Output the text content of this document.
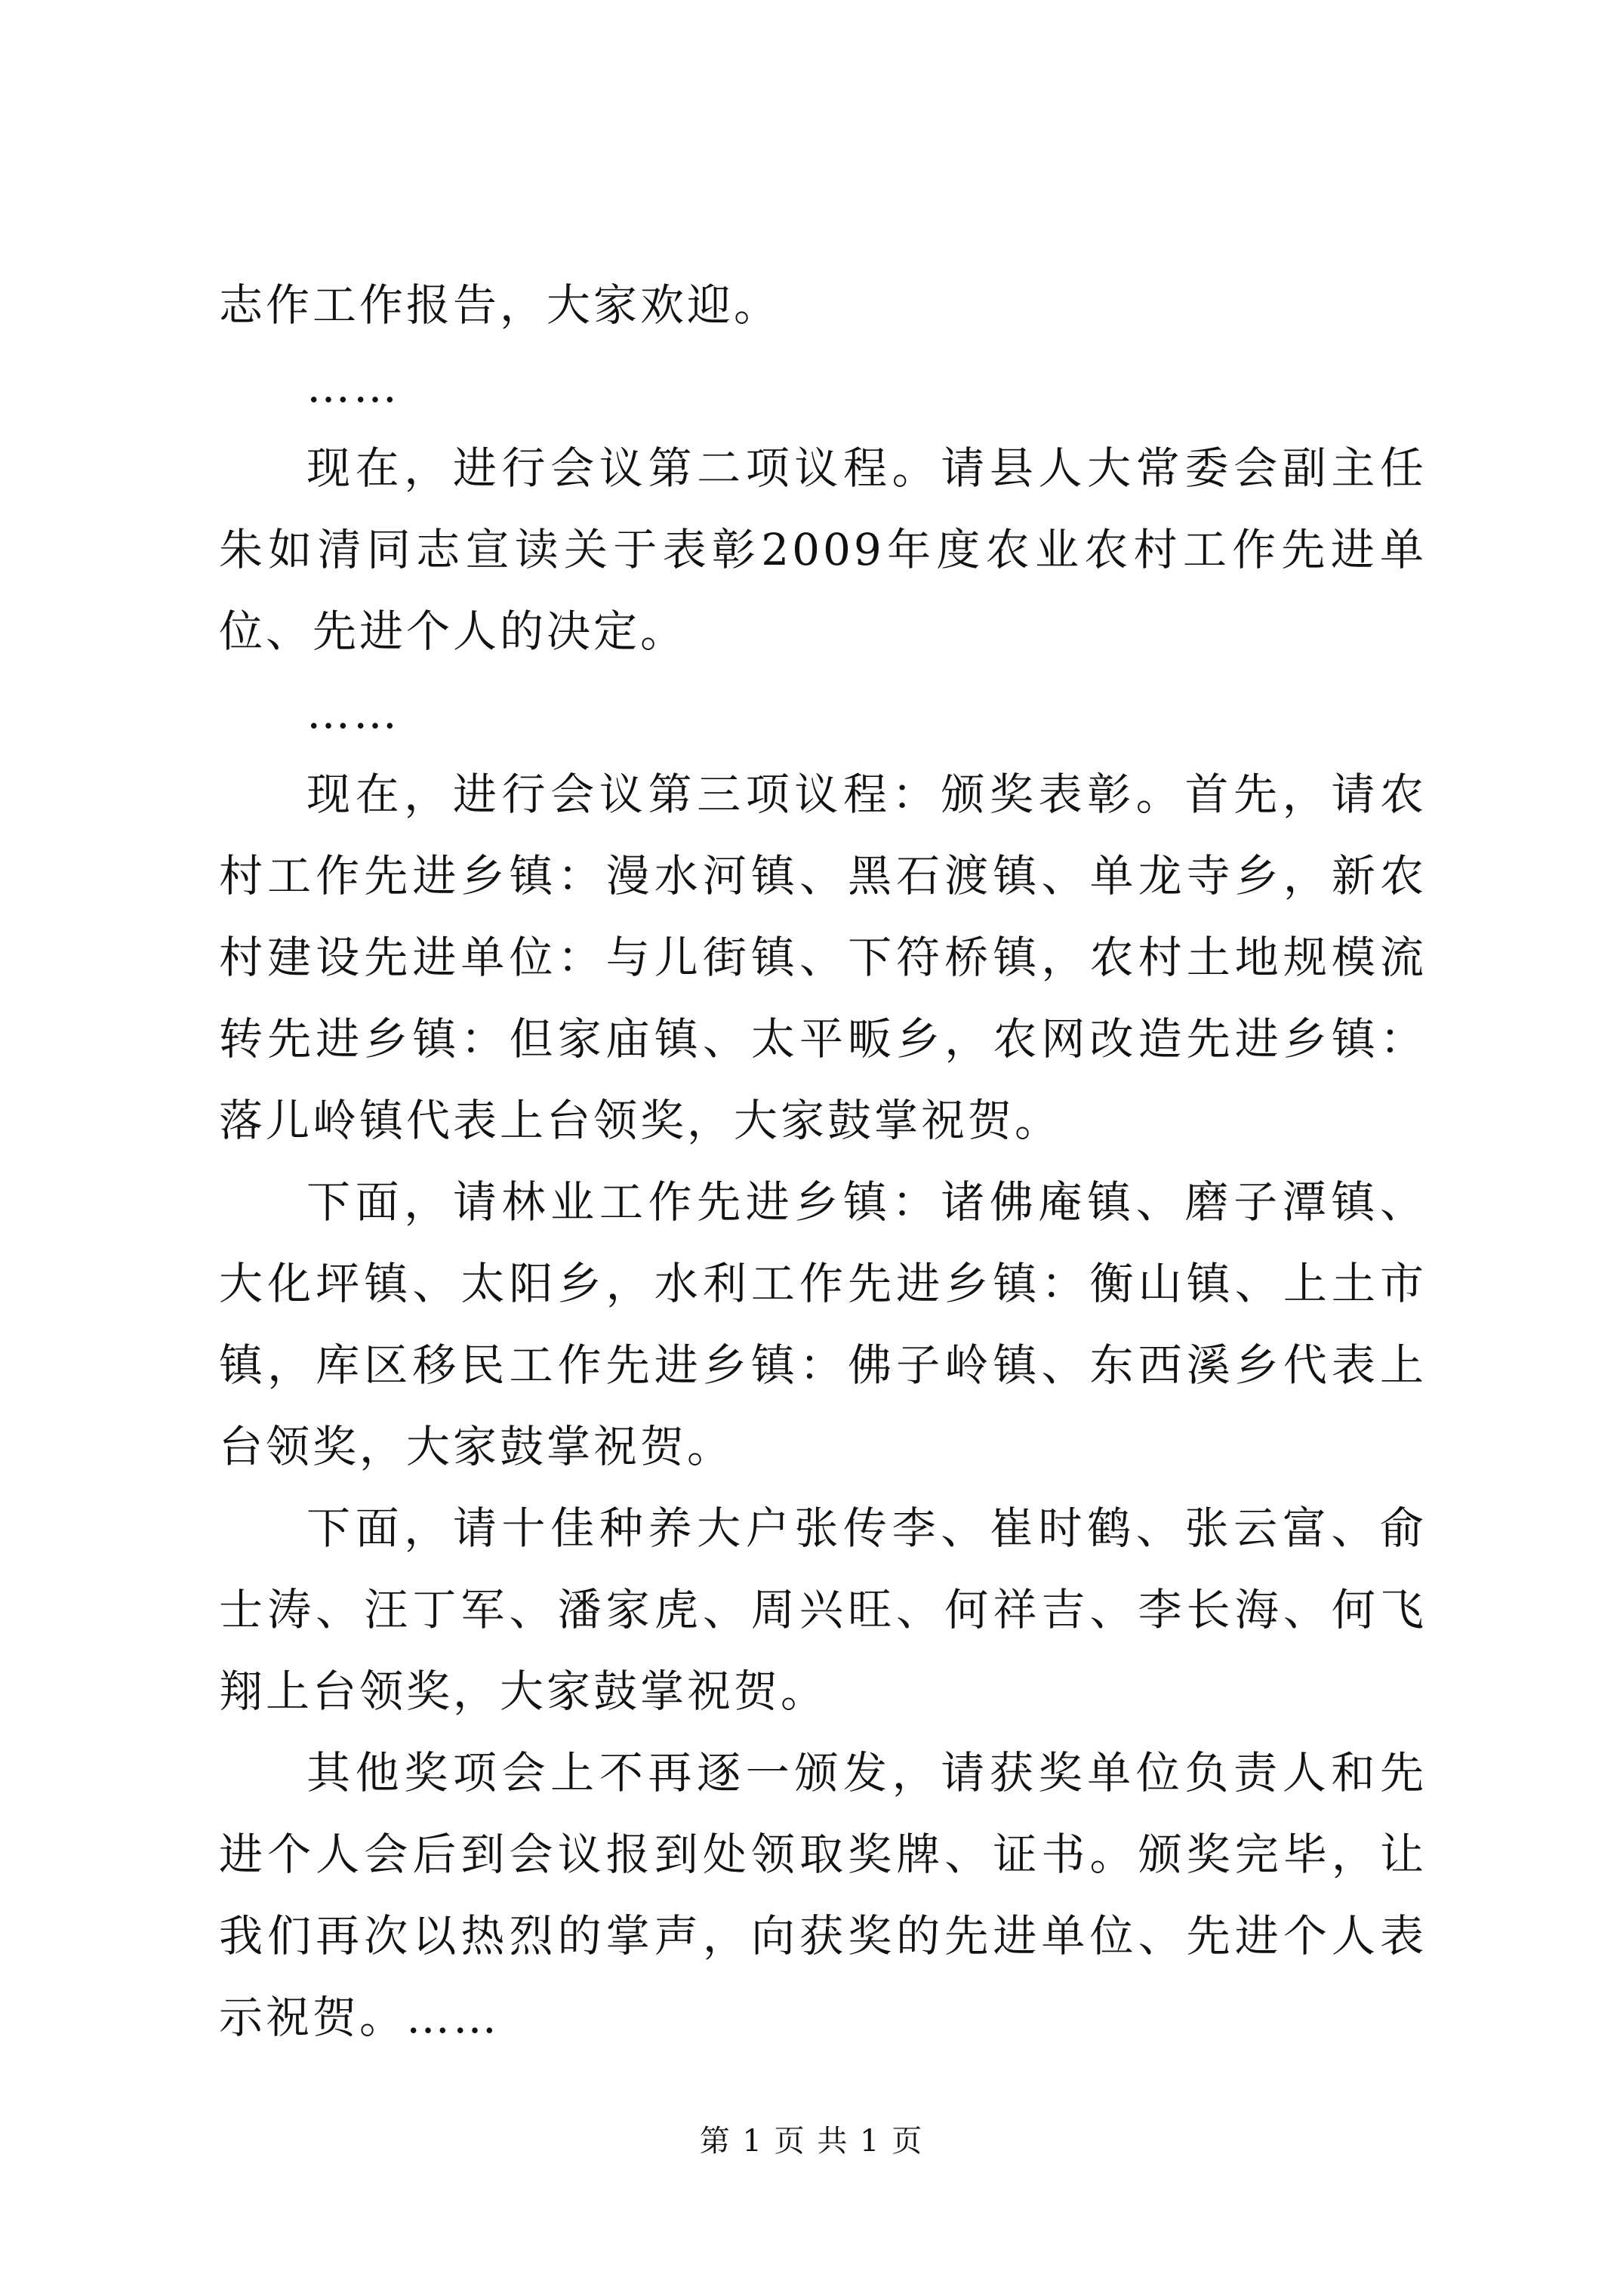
志作工作报告，大家欢迎。

……

现在，进行会议第二项议程。请县人大常委会副主任朱如清同志宣读关于表彰2009年度农业农村工作先进单位、先进个人的决定。

……

现在，进行会议第三项议程：颁奖表彰。首先，请农村工作先进乡镇：漫水河镇、黑石渡镇、单龙寺乡，新农村建设先进单位：与儿街镇、下符桥镇，农村土地规模流转先进乡镇：但家庙镇、太平畈乡，农网改造先进乡镇：落儿岭镇代表上台领奖，大家鼓掌祝贺。

下面，请林业工作先进乡镇：诸佛庵镇、磨子潭镇、大化坪镇、太阳乡，水利工作先进乡镇：衡山镇、上土市镇，库区移民工作先进乡镇：佛子岭镇、东西溪乡代表上台领奖，大家鼓掌祝贺。

下面，请十佳种养大户张传李、崔时鹤、张云富、俞士涛、汪丁军、潘家虎、周兴旺、何祥吉、李长海、何飞翔上台领奖，大家鼓掌祝贺。

其他奖项会上不再逐一颁发，请获奖单位负责人和先进个人会后到会议报到处领取奖牌、证书。颁奖完毕，让我们再次以热烈的掌声，向获奖的先进单位、先进个人表示祝贺。……

第 1 页 共 1 页
